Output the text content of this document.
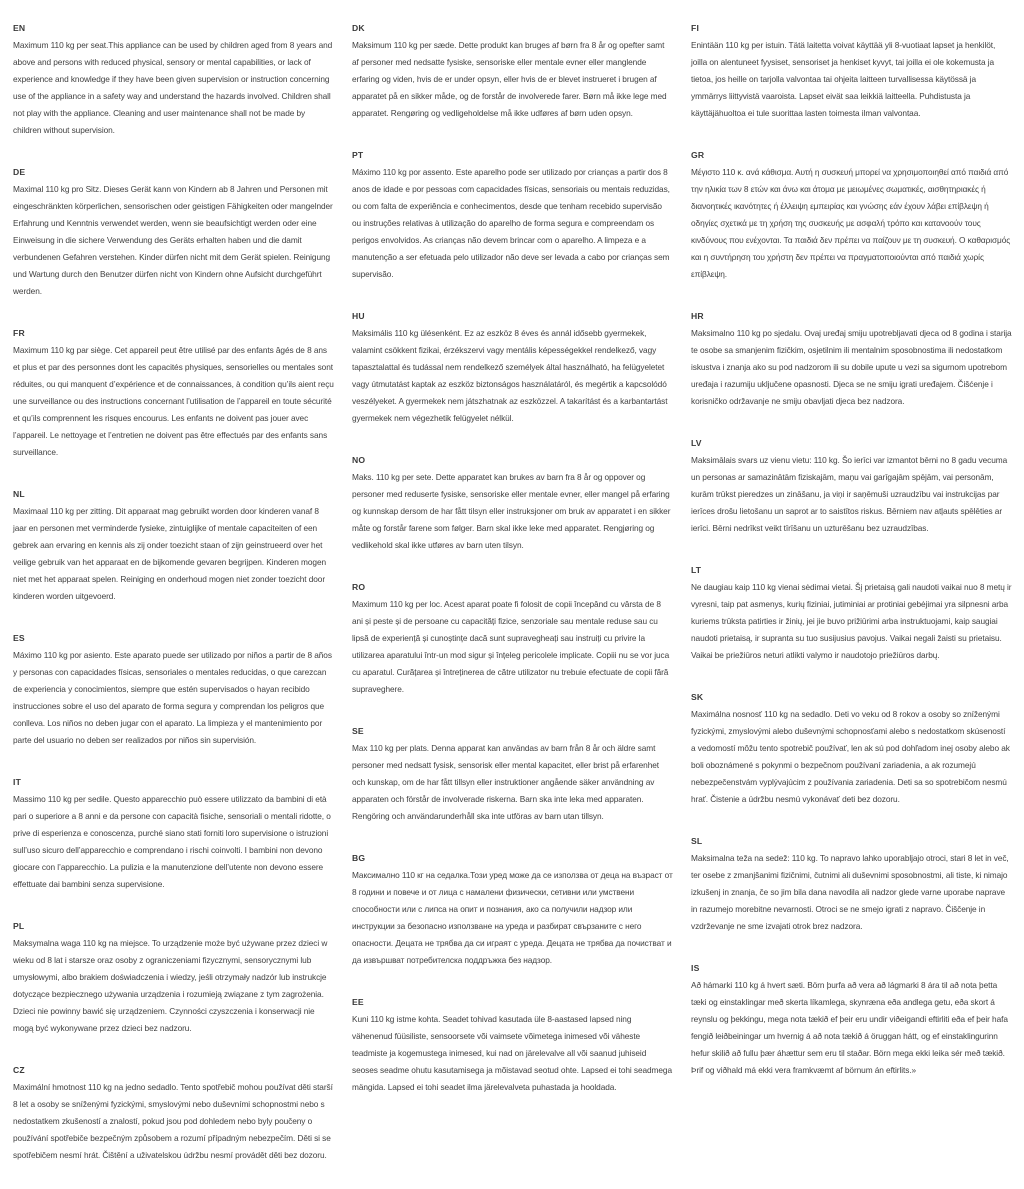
EN
Maximum 110 kg per seat.This appliance can be used by children aged from 8 years and above and persons with reduced physical, sensory or mental capabilities, or lack of experience and knowledge if they have been given supervision or instruction concerning use of the appliance in a safety way and understand the hazards involved. Children shall not play with the appliance. Cleaning and user maintenance shall not be made by children without supervision.
DE
Maximal 110 kg pro Sitz. Dieses Gerät kann von Kindern ab 8 Jahren und Personen mit eingeschränkten körperlichen, sensorischen oder geistigen Fähigkeiten oder mangelnder Erfahrung und Kenntnis verwendet werden, wenn sie beaufsichtigt werden oder eine Einweisung in die sichere Verwendung des Geräts erhalten haben und die damit verbundenen Gefahren verstehen. Kinder dürfen nicht mit dem Gerät spielen. Reinigung und Wartung durch den Benutzer dürfen nicht von Kindern ohne Aufsicht durchgeführt werden.
FR
Maximum 110 kg par siège. Cet appareil peut être utilisé par des enfants âgés de 8 ans et plus et par des personnes dont les capacités physiques, sensorielles ou mentales sont réduites, ou qui manquent d’expérience et de connaissances, à condition qu’ils aient reçu une surveillance ou des instructions concernant l’utilisation de l’appareil en toute sécurité et qu’ils comprennent les risques encourus. Les enfants ne doivent pas jouer avec l’appareil. Le nettoyage et l’entretien ne doivent pas être effectués par des enfants sans surveillance.
NL
Maximaal 110 kg per zitting. Dit apparaat mag gebruikt worden door kinderen vanaf 8 jaar en personen met verminderde fysieke, zintuiglijke of mentale capaciteiten of een gebrek aan ervaring en kennis als zij onder toezicht staan of zijn geinstrueerd over het veilige gebruik van het apparaat en de bijkomende gevaren begrijpen. Kinderen mogen niet met het apparaat spelen. Reiniging en onderhoud mogen niet zonder toezicht door kinderen worden uitgevoerd.
ES
Máximo 110 kg por asiento. Este aparato puede ser utilizado por niños a partir de 8 años y personas con capacidades físicas, sensoriales o mentales reducidas, o que carezcan de experiencia y conocimientos, siempre que estén supervisados o hayan recibido instrucciones sobre el uso del aparato de forma segura y comprendan los peligros que conlleva. Los niños no deben jugar con el aparato. La limpieza y el mantenimiento por parte del usuario no deben ser realizados por niños sin supervisión.
IT
Massimo 110 kg per sedile. Questo apparecchio può essere utilizzato da bambini di età pari o superiore a 8 anni e da persone con capacità fisiche, sensoriali o mentali ridotte, o prive di esperienza e conoscenza, purché siano stati forniti loro supervisione o istruzioni sull’uso sicuro dell’apparecchio e comprendano i rischi coinvolti. I bambini non devono giocare con l’apparecchio. La pulizia e la manutenzione dell’utente non devono essere effettuate dai bambini senza supervisione.
PL
Maksymalna waga 110 kg na miejsce. To urządzenie może być używane przez dzieci w wieku od 8 lat i starsze oraz osoby z ograniczeniami fizycznymi, sensorycznymi lub umysłowymi, albo brakiem doświadczenia i wiedzy, jeśli otrzymały nadzór lub instrukcje dotyczące bezpiecznego używania urządzenia i rozumieją związane z tym zagrożenia. Dzieci nie powinny bawić się urządzeniem. Czynności czyszczenia i konserwacji nie mogą być wykonywane przez dzieci bez nadzoru.
CZ
Maximální hmotnost 110 kg na jedno sedadlo. Tento spotřebič mohou používat děti starší 8 let a osoby se sníženými fyzickými, smyslovými nebo duševními schopnostmi nebo s nedostatkem zkušeností a znalostí, pokud jsou pod dohledem nebo byly poučeny o používání spotřebiče bezpečným způsobem a rozumí případným nebezpečím. Děti si se spotřebičem nesmí hrát. Čištění a uživatelskou údržbu nesmí provádět děti bez dozoru.
DK
Maksimum 110 kg per sæde. Dette produkt kan bruges af børn fra 8 år og opefter samt af personer med nedsatte fysiske, sensoriske eller mentale evner eller manglende erfaring og viden, hvis de er under opsyn, eller hvis de er blevet instrueret i brugen af apparatet på en sikker måde, og de forstår de involverede farer. Børn må ikke lege med apparatet. Rengøring og vedligeholdelse må ikke udføres af børn uden opsyn.
PT
Máximo 110 kg por assento. Este aparelho pode ser utilizado por crianças a partir dos 8 anos de idade e por pessoas com capacidades físicas, sensoriais ou mentais reduzidas, ou com falta de experiência e conhecimentos, desde que tenham recebido supervisão ou instruções relativas à utilização do aparelho de forma segura e compreendam os perigos envolvidos. As crianças não devem brincar com o aparelho. A limpeza e a manutenção a ser efetuada pelo utilizador não deve ser levada a cabo por crianças sem supervisão.
HU
Maksimális 110 kg ülésenként. Ez az eszköz 8 éves és annál idősebb gyermekek, valamint csökkent fizikai, érzékszervi vagy mentális képességekkel rendelkező, vagy tapasztalattal és tudással nem rendelkező személyek által használható, ha felügyeletet vagy útmutatást kaptak az eszköz biztonságos használatáról, és megértik a kapcsolódó veszélyeket. A gyermekek nem játszhatnak az eszközzel. A takarítást és a karbantartást gyermekek nem végezhetik felügyelet nélkül.
NO
Maks. 110 kg per sete. Dette apparatet kan brukes av barn fra 8 år og oppover og personer med reduserte fysiske, sensoriske eller mentale evner, eller mangel på erfaring og kunnskap dersom de har fått tilsyn eller instruksjoner om bruk av apparatet i en sikker måte og forstår farene som følger. Barn skal ikke leke med apparatet. Rengjøring og vedlikehold skal ikke utføres av barn uten tilsyn.
RO
Maximum 110 kg per loc. Acest aparat poate fi folosit de copii începând cu vârsta de 8 ani și peste și de persoane cu capacități fizice, senzoriale sau mentale reduse sau cu lipsă de experiență și cunoștințe dacă sunt supravegheați sau instruiți cu privire la utilizarea aparatului într-un mod sigur și înțeleg pericolele implicate. Copiii nu se vor juca cu aparatul. Curățarea și întreținerea de către utilizator nu trebuie efectuate de copii fără supraveghere.
SE
Max 110 kg per plats. Denna apparat kan användas av barn från 8 år och äldre samt personer med nedsatt fysisk, sensorisk eller mental kapacitet, eller brist på erfarenhet och kunskap, om de har fått tillsyn eller instruktioner angående säker användning av apparaten och förstår de involverade riskerna. Barn ska inte leka med apparaten. Rengöring och användarunderhåll ska inte utföras av barn utan tillsyn.
BG
Максимално 110 кг на седалка.Този уред може да се използва от деца на възраст от 8 години и повече и от лица с намалени физически, сетивни или умствени способности или с липса на опит и познания, ако са получили надзор или инструкции за безопасно използване на уреда и разбират свързаните с него опасности. Децата не трябва да си играят с уреда. Децата не трябва да почистват и да извършват потребителска поддръжка без надзор.
EE
Kuni 110 kg istme kohta. Seadet tohivad kasutada üle 8-aastased lapsed ning vähenenud füüsiliste, sensoorsete või vaimsete võimetega inimesed või väheste teadmiste ja kogemustega inimesed, kui nad on järelevalve all või saanud juhiseid seoses seadme ohutu kasutamisega ja mõistavad seotud ohte. Lapsed ei tohi seadmega mängida. Lapsed ei tohi seadet ilma järelevalveta puhastada ja hooldada.
FI
Enintään 110 kg per istuin. Tätä laitetta voivat käyttää yli 8-vuotiaat lapset ja henkilöt, joilla on alentuneet fyysiset, sensoriset ja henkiset kyvyt, tai joilla ei ole kokemusta ja tietoa, jos heille on tarjolla valvontaa tai ohjeita laitteen turvallisessa käytössä ja ymmärrys liittyvistä vaaroista. Lapset eivät saa leikkiä laitteella. Puhdistusta ja käyttäjähuoltoa ei tule suorittaa lasten toimesta ilman valvontaa.
GR
Μέγιστο 110 κ. ανά κάθισμα. Αυτή η συσκευή μπορεί να χρησιμοποιηθεί από παιδιά από την ηλικία των 8 ετών και άνω και άτομα με μειωμένες σωματικές, αισθητηριακές ή διανοητικές ικανότητες ή έλλειψη εμπειρίας και γνώσης εάν έχουν λάβει επίβλεψη ή οδηγίες σχετικά με τη χρήση της συσκευής με ασφαλή τρόπο και κατανοούν τους κινδύνους που ενέχονται. Τα παιδιά δεν πρέπει να παίζουν με τη συσκευή. Ο καθαρισμός και η συντήρηση του χρήστη δεν πρέπει να πραγματοποιούνται από παιδιά χωρίς επίβλεψη.
HR
Maksimalno 110 kg po sjedalu. Ovaj uređaj smiju upotrebljavati djeca od 8 godina i starija te osobe sa smanjenim fizičkim, osjetilnim ili mentalnim sposobnostima ili nedostatkom iskustva i znanja ako su pod nadzorom ili su dobile upute u vezi sa sigurnom upotrebom uređaja i razumiju uključene opasnosti. Djeca se ne smiju igrati uređajem. Čišćenje i korisničko održavanje ne smiju obavljati djeca bez nadzora.
LV
Maksimālais svars uz vienu vietu: 110 kg. Šo ierīci var izmantot bērni no 8 gadu vecuma un personas ar samazinātām fiziskajām, maņu vai garīgajām spējām, vai personām, kurām trūkst pieredzes un zināšanu, ja viņi ir saņēmuši uzraudzību vai instrukcijas par ierīces drošu lietošanu un saprot ar to saistītos riskus. Bērniem nav atļauts spēlēties ar ierīci. Bērni nedrīkst veikt tīrīšanu un uzturēšanu bez uzraudzības.
LT
Ne daugiau kaip 110 kg vienai sėdimai vietai. Šį prietaisą gali naudoti vaikai nuo 8 metų ir vyresni, taip pat asmenys, kurių fiziniai, jutiminiai ar protiniai gebėjimai yra silpnesni arba kuriems trūksta patirties ir žinių, jei jie buvo prižiūrimi arba instruktuojami, kaip saugiai naudoti prietaisą, ir supranta su tuo susijusius pavojus. Vaikai negali žaisti su prietaisu. Vaikai be priežiūros neturi atlikti valymo ir naudotojo priežiūros darbų.
SK
Maximálna nosnosť 110 kg na sedadlo. Deti vo veku od 8 rokov a osoby so zníženými fyzickými, zmyslovými alebo duševnými schopnosťami alebo s nedostatkom skúseností a vedomostí môžu tento spotrebič používať, len ak sú pod dohľadom inej osoby alebo ak boli oboznámené s pokynmi o bezpečnom používaní zariadenia, a ak rozumejú nebezpečenstvám vyplývajúcim z používania zariadenia. Deti sa so spotrebičom nesmú hrať. Čistenie a údržbu nesmú vykonávať deti bez dozoru.
SL
Maksimalna teža na sedež: 110 kg. To napravo lahko uporabljajo otroci, stari 8 let in več, ter osebe z zmanjšanimi fizičnimi, čutnimi ali duševnimi sposobnostmi, ali tiste, ki nimajo izkušenj in znanja, če so jim bila dana navodila ali nadzor glede varne uporabe naprave in razumejo morebitne nevarnosti. Otroci se ne smejo igrati z napravo. Čiščenje in vzdrževanje ne sme izvajati otrok brez nadzora.
IS
Að hámarki 110 kg á hvert sæti. Börn þurfa að vera að lágmarki 8 ára til að nota þetta tæki og einstaklingar með skerta líkamlega, skynræna eða andlega getu, eða skort á reynslu og þekkingu, mega nota tækið ef þeir eru undir viðeigandi eftirliti eða ef þeir hafa fengið leiðbeiningar um hvernig á að nota tækið á öruggan hátt, og ef einstaklingurinn hefur skilið að fullu þær áhættur sem eru til staðar. Börn mega ekki leika sér með tækið. Þrif og viðhald má ekki vera framkvæmt af börnum án eftirlits.»
